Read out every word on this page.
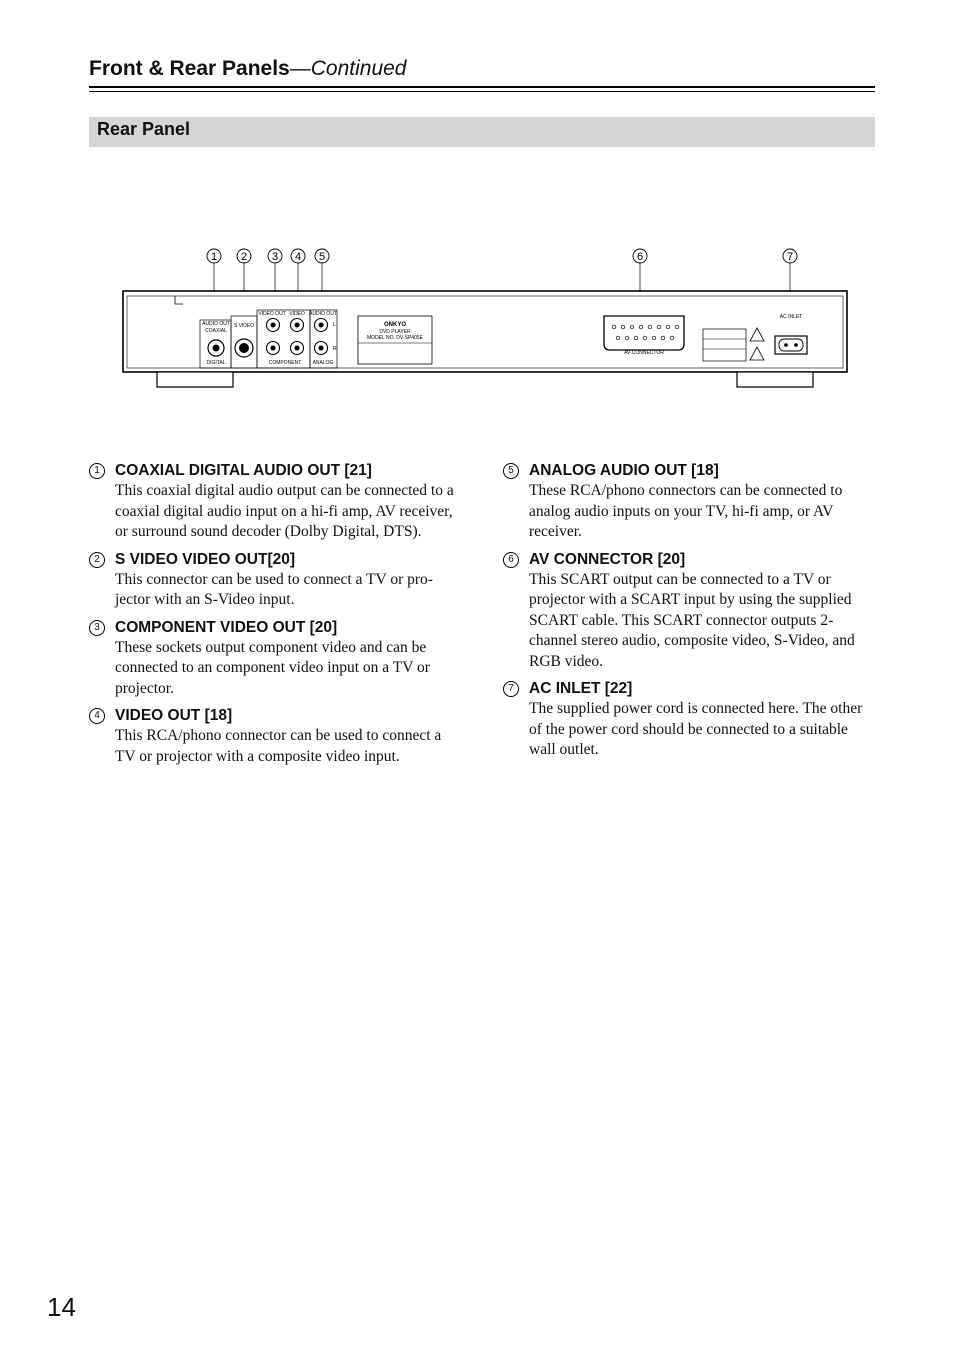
Front & Rear Panels—Continued
Rear Panel
1 2 3 4 5	6	7
AUDIO OUT
COAXIAL
DIGITAL
S VIDEO
VIDEO OUT VIDEO
COMPONENT
AUDIO OUT
L
R
ANALOG
ONKYO
DVD PLAYER
MODEL NO. DV-SP405E
AV CONNECTOR
AC INLET
1 COAXIAL DIGITAL AUDIO OUT [21]
This coaxial digital audio output can be connected to a coaxial digital audio input on a hi-fi amp, AV receiver, or surround sound decoder (Dolby Digital, DTS).
2 S VIDEO VIDEO OUT[20]
This connector can be used to connect a TV or pro-jector with an S-Video input.
3 COMPONENT VIDEO OUT [20]
These sockets output component video and can be connected to an component video input on a TV or projector.
4 VIDEO OUT [18]
This RCA/phono connector can be used to connect a TV or projector with a composite video input.
5 ANALOG AUDIO OUT [18]
These RCA/phono connectors can be connected to analog audio inputs on your TV, hi-fi amp, or AV receiver.
6 AV CONNECTOR [20]
This SCART output can be connected to a TV or projector with a SCART input by using the supplied SCART cable. This SCART connector outputs 2-channel stereo audio, composite video, S-Video, and RGB video.
7 AC INLET [22]
The supplied power cord is connected here. The other of the power cord should be connected to a suitable wall outlet.
14
